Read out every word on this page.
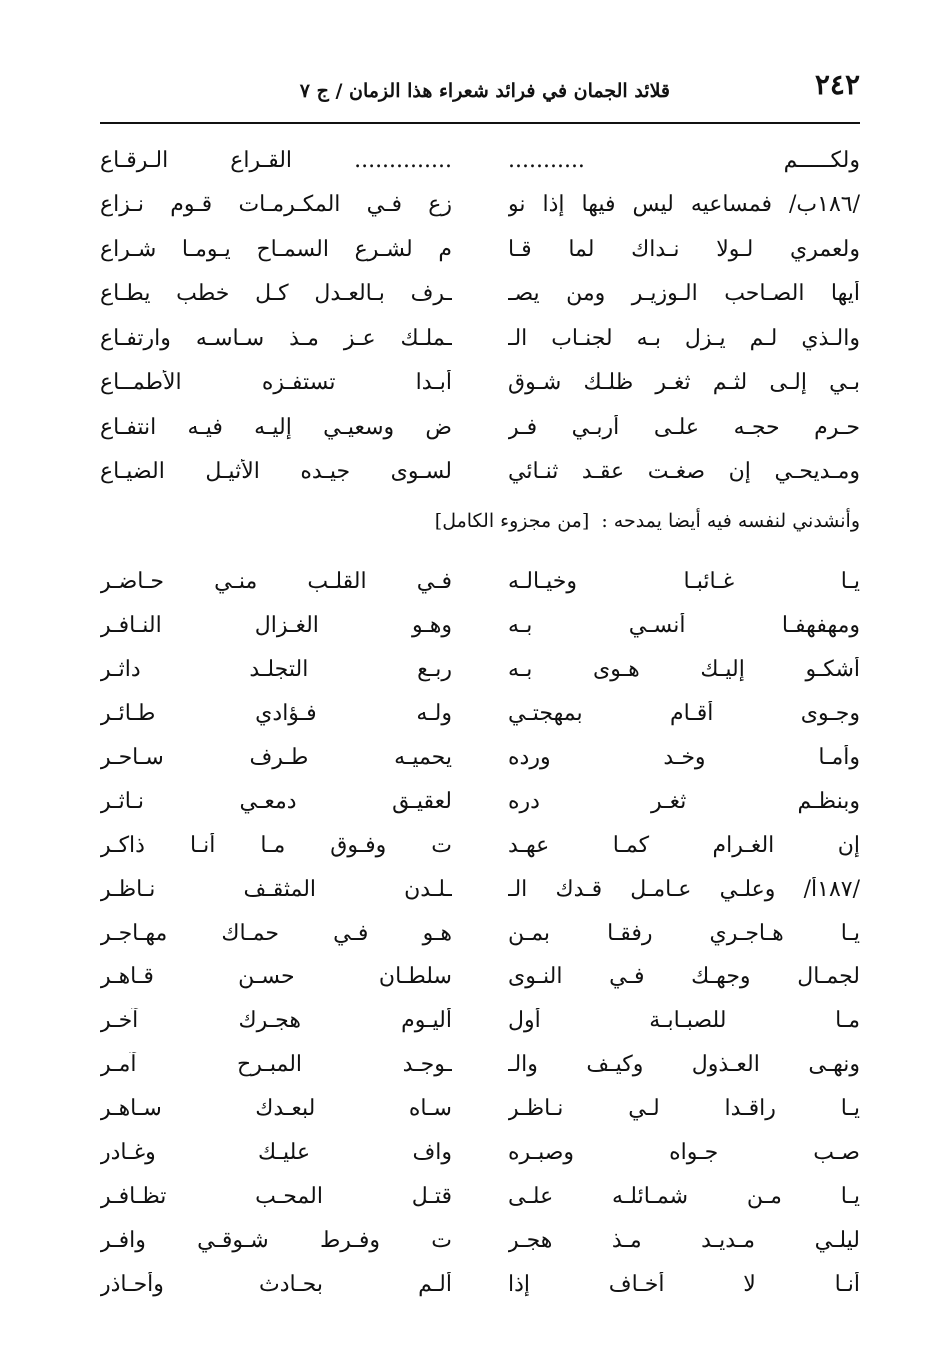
٢٤٢
قلائد الجمان في فرائد شعراء هذا الزمان / ج ٧
ولكـــــم ...........
.............. القـراع الـرقـاع
/١٨٦ب/ فمساعيه ليس فيها إذا نو
زع فـي المكـرمـات قـوم نـزاع
ولعمري لـولا نـداك لما قـا
م لشـرع السمـاح يـومـا شـراع
أيها الصـاحب الـوزيـر ومن يصـ
ـرف بـالعـدل كـل خطب يطـاع
والـذي لـم يـزل بـه لجنـاب الـ
ـملـك عـز مـذ سـاسـه وارتفـاع
بـي إلـى لثـم ثغـر ظلـك شـوق
أبـدا تستفـزه الأطمــاع
حـرم حجـه علـى أربـي فـر
ض وسعيـي إليـه فيـه انتفـاع
ومـديحـي إن صغـت عقـد ثنـائي
لسـوى جيـده الأثيـل الضيـاع
وأنشدني لنفسه فيه أيضا يمدحه : [من مجزوء الكامل]
يـا غـائبـا وخيـالـه
فـي القلـب منـي حـاضـر
ومهفهفـا أنسـي بـه
وهـو الغـزال النـافـر
أشكـو إليـك هـوى بـه
ربـع التجلـد داثـر
وجـوى أقـام بمهجتـي
ولـه فـؤادي طـائـر
وأمـا وخـد ورده
يحميـه طـرف سـاحـر
وبنظـم ثغـر دره
لعقيـق دمعـي نـاثـر
إن الغـرام كمـا عهـد
ت وفـوق مـا أنـا ذاكـر
/١٨٧أ/ وعلـي عـامـل قـدك الـ
ـلـدن المثقـف نـاظـر
يـا هـاجـري رفقـا بمـن
هـو فـي حمـاك مهـاجـر
لجمـال وجهـك فـي النـوى
سلطـان حسـن قـاهـر
مـا للصبـابـة أول
أليـوم هجـرك آخـر
ونهـى العـذول وكيـف والـ
ـوجـد المبـرح آمـر
يـا راقـدا لـي نـاظـر
سـاه لبعـدك سـاهـر
صـب جـواه وصبـره
واف عليـك وغـادر
يـا مـن شمـائلـه علـى
قتـل المحـب تظـافـر
ليلـي مـديـد مـذ هجـر
ت وفـرط شـوقـي وافـر
أنـا لا أخـاف إذا
ألـم بحـادث وأحـاذر
